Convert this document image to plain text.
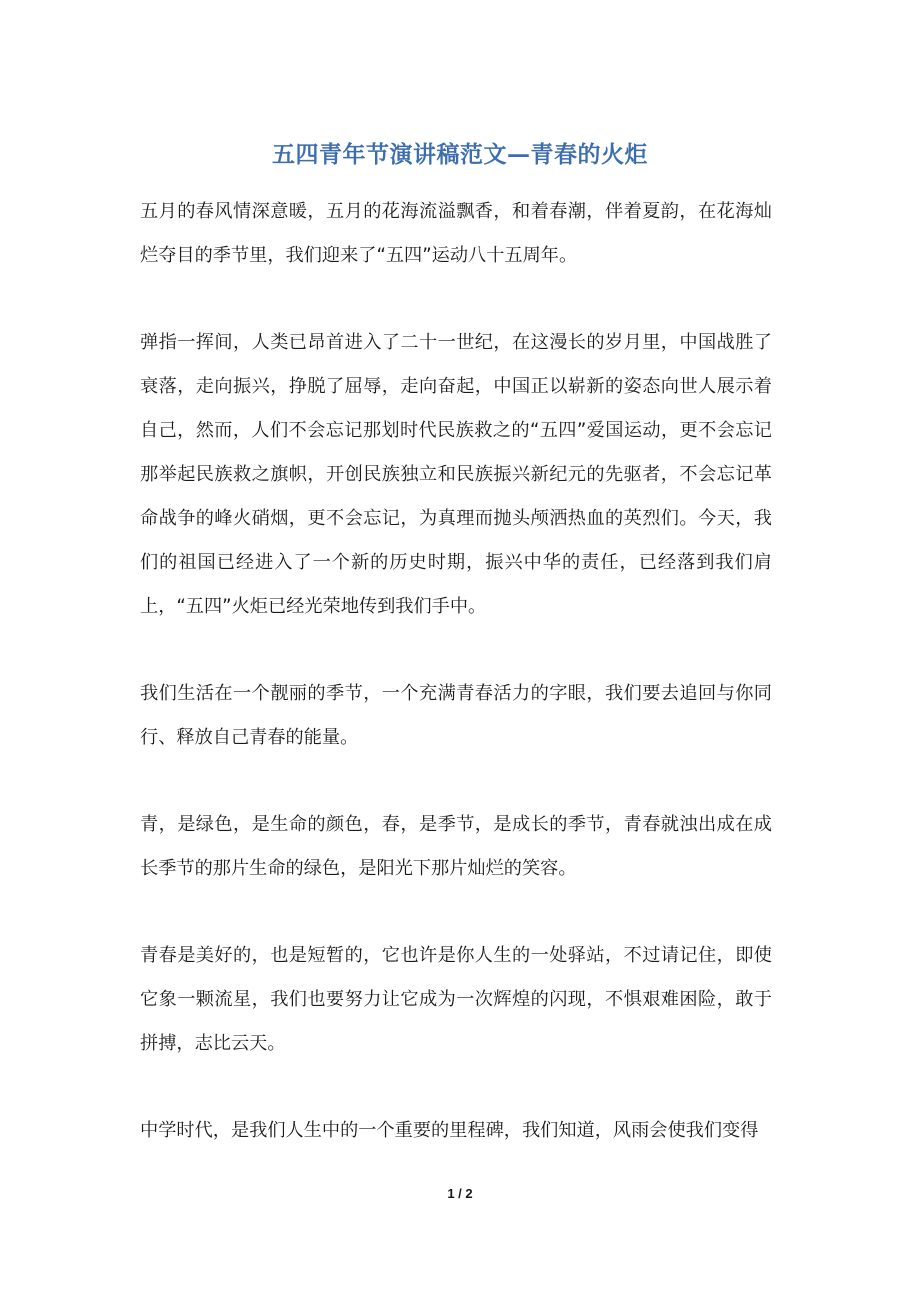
五四青年节演讲稿范文—青春的火炬

五月的春风情深意暖，五月的花海流溢飘香，和着春潮，伴着夏韵，在花海灿烂夺目的季节里，我们迎来了“五四”运动八十五周年。

弹指一挥间，人类已昂首进入了二十一世纪，在这漫长的岁月里，中国战胜了衰落，走向振兴，挣脱了屈辱，走向奋起，中国正以崭新的姿态向世人展示着自己，然而，人们不会忘记那划时代民族救之的“五四”爱国运动，更不会忘记那举起民族救之旗帜，开创民族独立和民族振兴新纪元的先驱者，不会忘记革命战争的峰火硝烟，更不会忘记，为真理而抛头颅洒热血的英烈们。今天，我们的祖国已经进入了一个新的历史时期，振兴中华的责任，已经落到我们肩上，“五四”火炬已经光荣地传到我们手中。

我们生活在一个靓丽的季节，一个充满青春活力的字眼，我们要去追回与你同行、释放自己青春的能量。

青，是绿色，是生命的颜色，春，是季节，是成长的季节，青春就浊出成在成长季节的那片生命的绿色，是阳光下那片灿烂的笑容。

青春是美好的，也是短暂的，它也许是你人生的一处驿站，不过请记住，即使它象一颗流星，我们也要努力让它成为一次辉煌的闪现，不惧艰难困险，敢于拼搏，志比云天。

中学时代，是我们人生中的一个重要的里程碑，我们知道，风雨会使我们变得

1 / 2
